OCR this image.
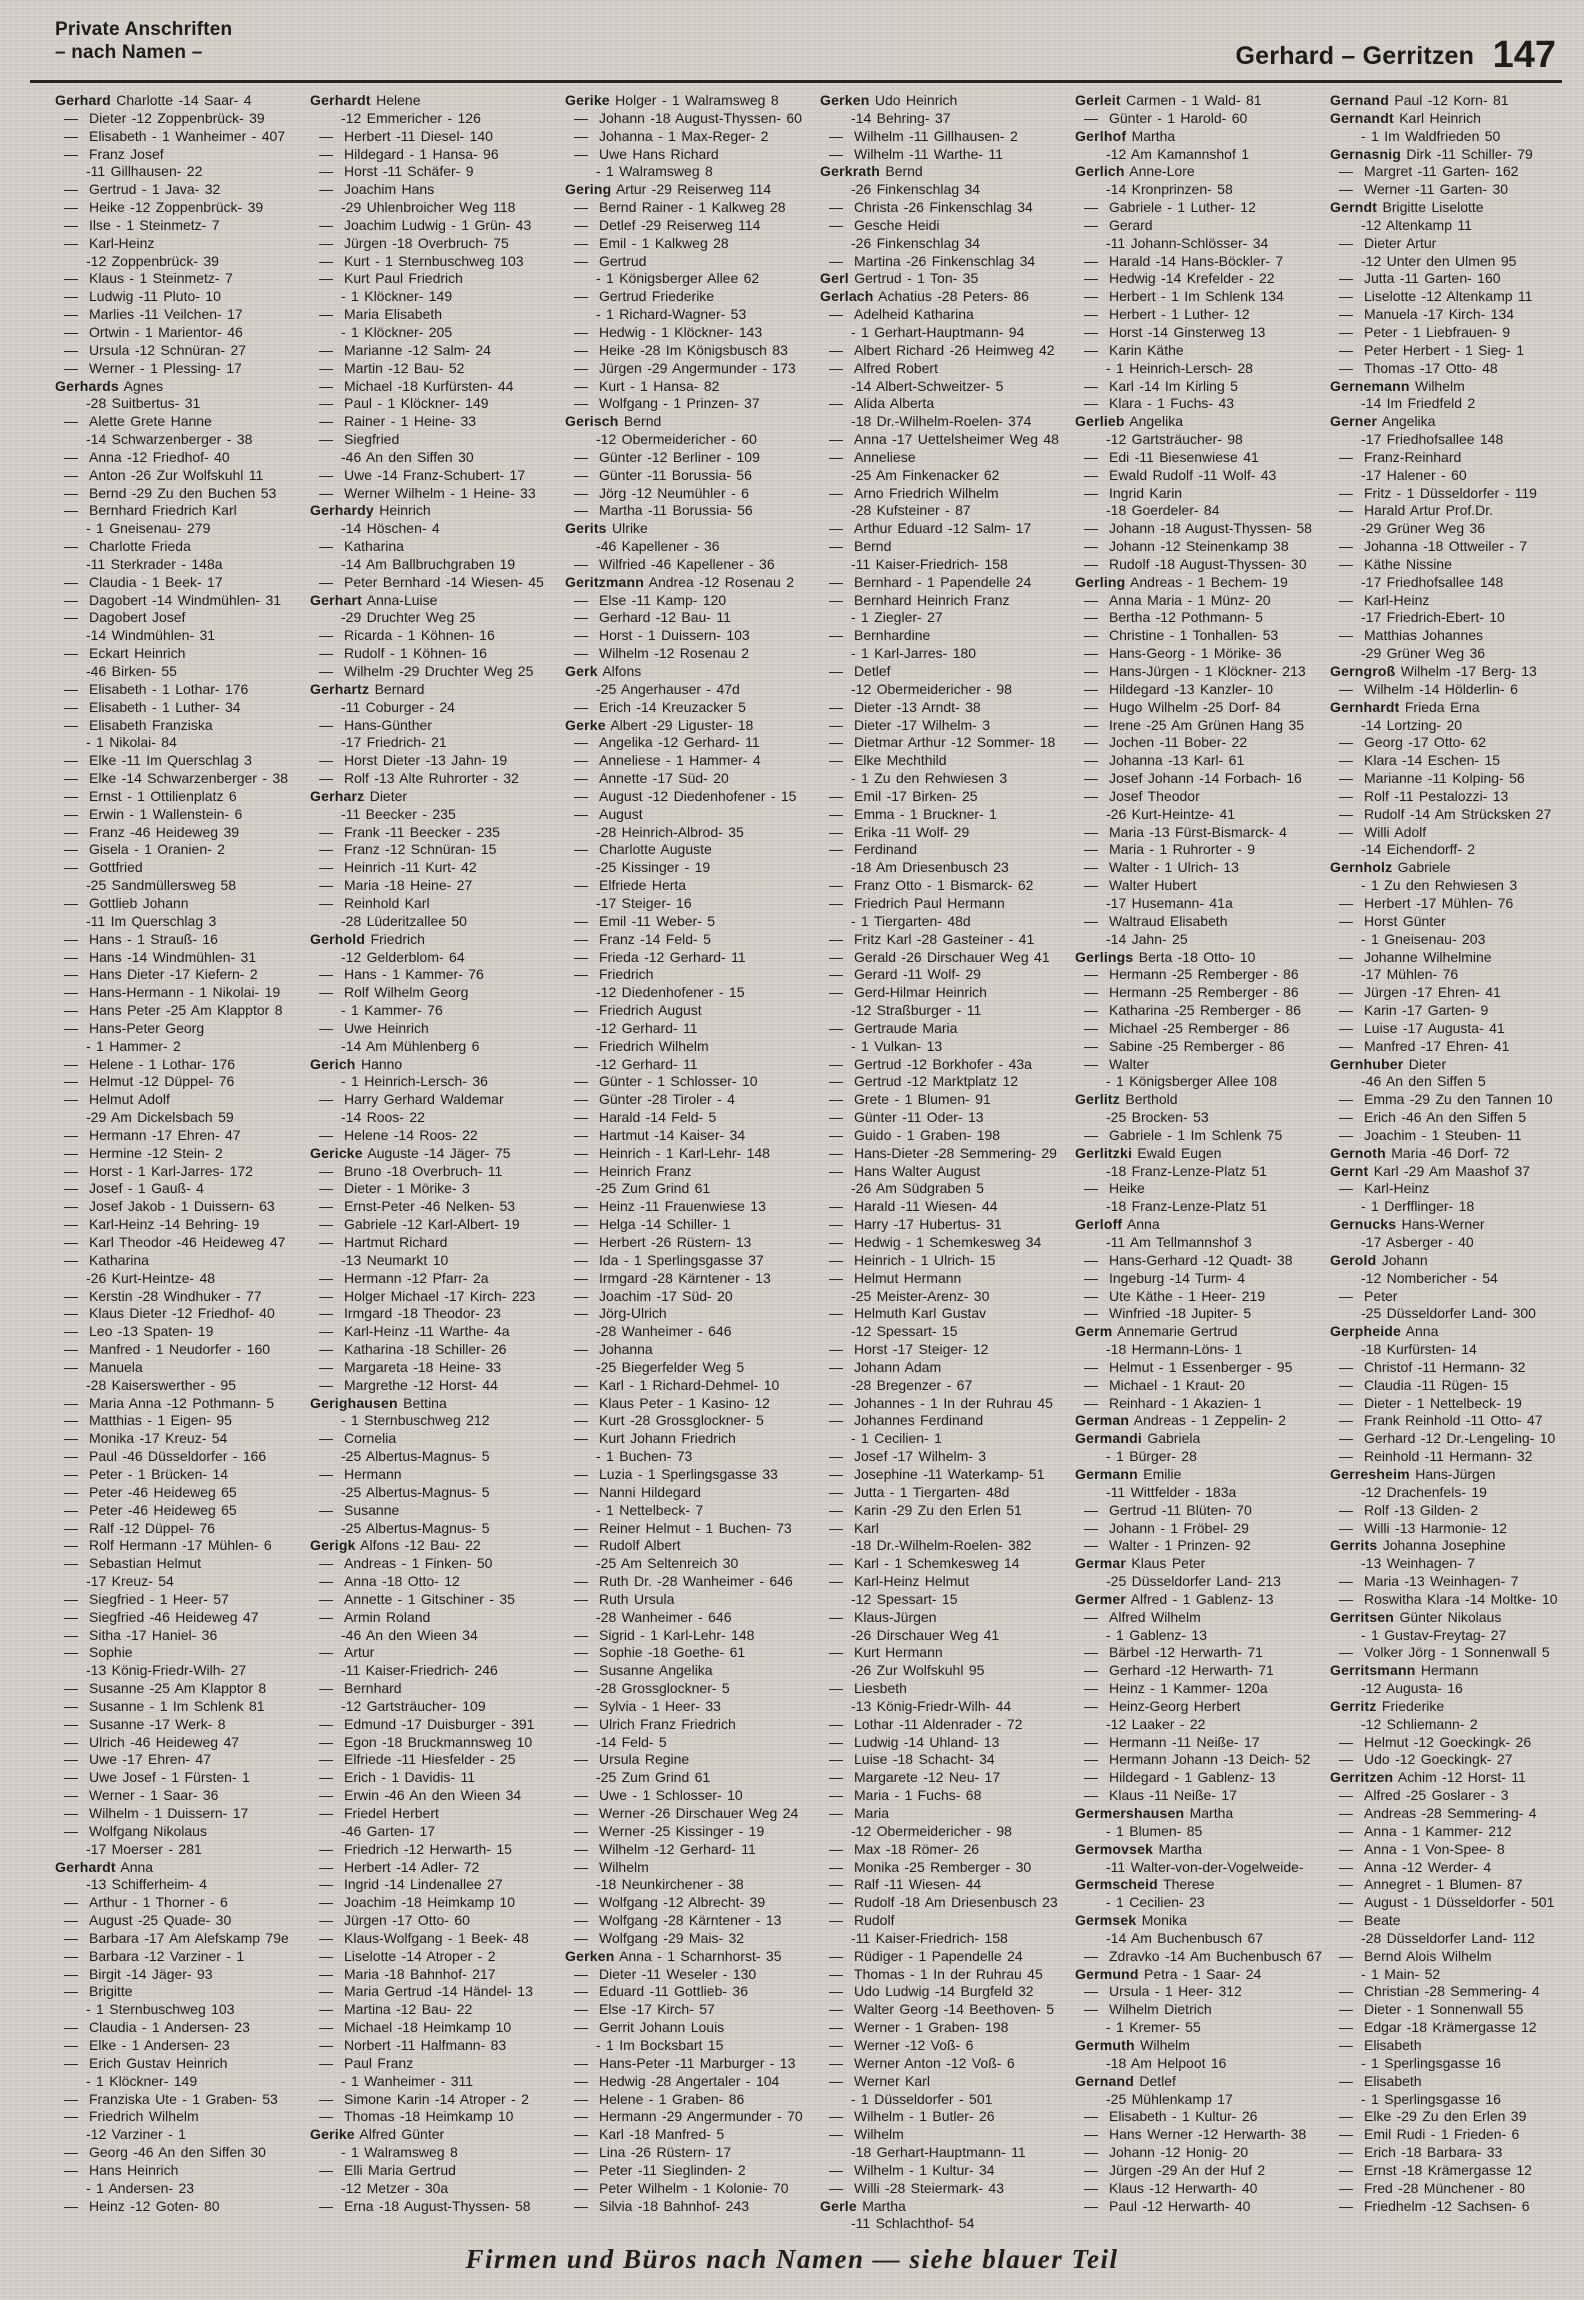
Private Anschriften
– nach Namen –	Gerhard – Gerritzen 147
Gerhard Charlotte -14 Saar- 4
— Dieter -12 Zoppenbrück- 39
— Elisabeth - 1 Wanheimer - 407
— Franz Josef
-11 Gillhausen- 22
— Gertrud - 1 Java- 32
— Heike -12 Zoppenbrück- 39
— Ilse - 1 Steinmetz- 7
— Karl-Heinz
-12 Zoppenbrück- 39
— Klaus - 1 Steinmetz- 7
— Ludwig -11 Pluto- 10
— Marlies -11 Veilchen- 17
— Ortwin - 1 Marientor- 46
— Ursula -12 Schnüran- 27
— Werner - 1 Plessing- 17
Gerhards Agnes
-28 Suitbertus- 31
— Alette Grete Hanne
-14 Schwarzenberger - 38
— Anna -12 Friedhof- 40
— Anton -26 Zur Wolfskuhl 11
— Bernd -29 Zu den Buchen 53
— Bernhard Friedrich Karl
- 1 Gneisenau- 279
— Charlotte Frieda
-11 Sterkrader - 148a
— Claudia - 1 Beek- 17
— Dagobert -14 Windmühlen- 31
— Dagobert Josef
-14 Windmühlen- 31
— Eckart Heinrich
-46 Birken- 55
— Elisabeth - 1 Lothar- 176
— Elisabeth - 1 Luther- 34
— Elisabeth Franziska
- 1 Nikolai- 84
— Elke -11 Im Querschlag 3
— Elke -14 Schwarzenberger - 38
— Ernst - 1 Ottilienplatz 6
— Erwin - 1 Wallenstein- 6
— Franz -46 Heideweg 39
— Gisela - 1 Oranien- 2
— Gottfried
-25 Sandmüllersweg 58
— Gottlieb Johann
-11 Im Querschlag 3
— Hans - 1 Strauß- 16
— Hans -14 Windmühlen- 31
— Hans Dieter -17 Kiefern- 2
— Hans-Hermann - 1 Nikolai- 19
— Hans Peter -25 Am Klapptor 8
— Hans-Peter Georg
- 1 Hammer- 2
— Helene - 1 Lothar- 176
— Helmut -12 Düppel- 76
— Helmut Adolf
-29 Am Dickelsbach 59
— Hermann -17 Ehren- 47
— Hermine -12 Stein- 2
— Horst - 1 Karl-Jarres- 172
— Josef - 1 Gauß- 4
— Josef Jakob - 1 Duissern- 63
— Karl-Heinz -14 Behring- 19
— Karl Theodor -46 Heideweg 47
— Katharina
-26 Kurt-Heintze- 48
— Kerstin -28 Windhuker - 77
— Klaus Dieter -12 Friedhof- 40
— Leo -13 Spaten- 19
— Manfred - 1 Neudorfer - 160
— Manuela
-28 Kaiserswerther - 95
— Maria Anna -12 Pothmann- 5
— Matthias - 1 Eigen- 95
— Monika -17 Kreuz- 54
— Paul -46 Düsseldorfer - 166
— Peter - 1 Brücken- 14
— Peter -46 Heideweg 65
— Peter -46 Heideweg 65
— Ralf -12 Düppel- 76
— Rolf Hermann -17 Mühlen- 6
— Sebastian Helmut
-17 Kreuz- 54
— Siegfried - 1 Heer- 57
— Siegfried -46 Heideweg 47
— Sitha -17 Haniel- 36
— Sophie
-13 König-Friedr-Wilh- 27
— Susanne -25 Am Klapptor 8
— Susanne - 1 Im Schlenk 81
— Susanne -17 Werk- 8
— Ulrich -46 Heideweg 47
— Uwe -17 Ehren- 47
— Uwe Josef - 1 Fürsten- 1
— Werner - 1 Saar- 36
— Wilhelm - 1 Duissern- 17
— Wolfgang Nikolaus
-17 Moerser - 281
Gerhardt Anna
-13 Schifferheim- 4
— Arthur - 1 Thorner - 6
— August -25 Quade- 30
— Barbara -17 Am Alefskamp 79e
— Barbara -12 Varziner - 1
— Birgit -14 Jäger- 93
— Brigitte
- 1 Sternbuschweg 103
— Claudia - 1 Andersen- 23
— Elke - 1 Andersen- 23
— Erich Gustav Heinrich
- 1 Klöckner- 149
— Franziska Ute - 1 Graben- 53
— Friedrich Wilhelm
-12 Varziner - 1
— Georg -46 An den Siffen 30
— Hans Heinrich
- 1 Andersen- 23
— Heinz -12 Goten- 80
Gerhardt Helene
-12 Emmericher - 126
— Herbert -11 Diesel- 140
— Hildegard - 1 Hansa- 96
— Horst -11 Schäfer- 9
— Joachim Hans
-29 Uhlenbroicher Weg 118
— Joachim Ludwig - 1 Grün- 43
— Jürgen -18 Overbruch- 75
— Kurt - 1 Sternbuschweg 103
— Kurt Paul Friedrich
- 1 Klöckner- 149
— Maria Elisabeth
- 1 Klöckner- 205
— Marianne -12 Salm- 24
— Martin -12 Bau- 52
— Michael -18 Kurfürsten- 44
— Paul - 1 Klöckner- 149
— Rainer - 1 Heine- 33
— Siegfried
-46 An den Siffen 30
— Uwe -14 Franz-Schubert- 17
— Werner Wilhelm - 1 Heine- 33
Gerhardy Heinrich
-14 Höschen- 4
— Katharina
-14 Am Ballbruchgraben 19
— Peter Bernhard -14 Wiesen- 45
Gerhart Anna-Luise
-29 Druchter Weg 25
— Ricarda - 1 Köhnen- 16
— Rudolf - 1 Köhnen- 16
— Wilhelm -29 Druchter Weg 25
Gerhartz Bernard
-11 Coburger - 24
— Hans-Günther
-17 Friedrich- 21
— Horst Dieter -13 Jahn- 19
— Rolf -13 Alte Ruhrorter - 32
Gerharz Dieter
-11 Beecker - 235
— Frank -11 Beecker - 235
— Franz -12 Schnüran- 15
— Heinrich -11 Kurt- 42
— Maria -18 Heine- 27
— Reinhold Karl
-28 Lüderitzallee 50
Gerhold Friedrich
-12 Gelderblom- 64
— Hans - 1 Kammer- 76
— Rolf Wilhelm Georg
- 1 Kammer- 76
— Uwe Heinrich
-14 Am Mühlenberg 6
Gerich Hanno
- 1 Heinrich-Lersch- 36
— Harry Gerhard Waldemar
-14 Roos- 22
— Helene -14 Roos- 22
Gericke Auguste -14 Jäger- 75
— Bruno -18 Overbruch- 11
— Dieter - 1 Mörike- 3
— Ernst-Peter -46 Nelken- 53
— Gabriele -12 Karl-Albert- 19
— Hartmut Richard
-13 Neumarkt 10
— Hermann -12 Pfarr- 2a
— Holger Michael -17 Kirch- 223
— Irmgard -18 Theodor- 23
— Karl-Heinz -11 Warthe- 4a
— Katharina -18 Schiller- 26
— Margareta -18 Heine- 33
— Margrethe -12 Horst- 44
Gerighausen Bettina
- 1 Sternbuschweg 212
— Cornelia
-25 Albertus-Magnus- 5
— Hermann
-25 Albertus-Magnus- 5
— Susanne
-25 Albertus-Magnus- 5
Gerigk Alfons -12 Bau- 22
— Andreas - 1 Finken- 50
— Anna -18 Otto- 12
— Annette - 1 Gitschiner - 35
— Armin Roland
-46 An den Wieen 34
— Artur
-11 Kaiser-Friedrich- 246
— Bernhard
-12 Gartsträucher- 109
— Edmund -17 Duisburger - 391
— Egon -18 Bruckmannsweg 10
— Elfriede -11 Hiesfelder - 25
— Erich - 1 Davidis- 11
— Erwin -46 An den Wieen 34
— Friedel Herbert
-46 Garten- 17
— Friedrich -12 Herwarth- 15
— Herbert -14 Adler- 72
— Ingrid -14 Lindenallee 27
— Joachim -18 Heimkamp 10
— Jürgen -17 Otto- 60
— Klaus-Wolfgang - 1 Beek- 48
— Liselotte -14 Atroper - 2
— Maria -18 Bahnhof- 217
— Maria Gertrud -14 Händel- 13
— Martina -12 Bau- 22
— Michael -18 Heimkamp 10
— Norbert -11 Halfmann- 83
— Paul Franz
- 1 Wanheimer - 311
— Simone Karin -14 Atroper - 2
— Thomas -18 Heimkamp 10
Gerike Alfred Günter
- 1 Walramsweg 8
— Elli Maria Gertrud
-12 Metzer - 30a
— Erna -18 August-Thyssen- 58
Gerike Holger - 1 Walramsweg 8
— Johann -18 August-Thyssen- 60
— Johanna - 1 Max-Reger- 2
— Uwe Hans Richard
- 1 Walramsweg 8
Gering Artur -29 Reiserweg 114
— Bernd Rainer - 1 Kalkweg 28
— Detlef -29 Reiserweg 114
— Emil - 1 Kalkweg 28
— Gertrud
- 1 Königsberger Allee 62
— Gertrud Friederike
- 1 Richard-Wagner- 53
— Hedwig - 1 Klöckner- 143
— Heike -28 Im Königsbusch 83
— Jürgen -29 Angermunder - 173
— Kurt - 1 Hansa- 82
— Wolfgang - 1 Prinzen- 37
Gerisch Bernd
-12 Obermeidericher - 60
— Günter -12 Berliner - 109
— Günter -11 Borussia- 56
— Jörg -12 Neumühler - 6
— Martha -11 Borussia- 56
Gerits Ulrike
-46 Kapellener - 36
— Wilfried -46 Kapellener - 36
Geritzmann Andrea -12 Rosenau 2
— Else -11 Kamp- 120
— Gerhard -12 Bau- 11
— Horst - 1 Duissern- 103
— Wilhelm -12 Rosenau 2
Gerk Alfons
-25 Angerhauser - 47d
— Erich -14 Kreuzacker 5
Gerke Albert -29 Liguster- 18
— Angelika -12 Gerhard- 11
— Anneliese - 1 Hammer- 4
— Annette -17 Süd- 20
— August -12 Diedenhofener - 15
— August
-28 Heinrich-Albrod- 35
— Charlotte Auguste
-25 Kissinger - 19
— Elfriede Herta
-17 Steiger- 16
— Emil -11 Weber- 5
— Franz -14 Feld- 5
— Frieda -12 Gerhard- 11
— Friedrich
-12 Diedenhofener - 15
— Friedrich August
-12 Gerhard- 11
— Friedrich Wilhelm
-12 Gerhard- 11
— Günter - 1 Schlosser- 10
— Günter -28 Tiroler - 4
— Harald -14 Feld- 5
— Hartmut -14 Kaiser- 34
— Heinrich - 1 Karl-Lehr- 148
— Heinrich Franz
-25 Zum Grind 61
— Heinz -11 Frauenwiese 13
— Helga -14 Schiller- 1
— Herbert -26 Rüstern- 13
— Ida - 1 Sperlingsgasse 37
— Irmgard -28 Kärntener - 13
— Joachim -17 Süd- 20
— Jörg-Ulrich
-28 Wanheimer - 646
— Johanna
-25 Biegerfelder Weg 5
— Karl - 1 Richard-Dehmel- 10
— Klaus Peter - 1 Kasino- 12
— Kurt -28 Grossglockner- 5
— Kurt Johann Friedrich
- 1 Buchen- 73
— Luzia - 1 Sperlingsgasse 33
— Nanni Hildegard
- 1 Nettelbeck- 7
— Reiner Helmut - 1 Buchen- 73
— Rudolf Albert
-25 Am Seltenreich 30
— Ruth Dr. -28 Wanheimer - 646
— Ruth Ursula
-28 Wanheimer - 646
— Sigrid - 1 Karl-Lehr- 148
— Sophie -18 Goethe- 61
— Susanne Angelika
-28 Grossglockner- 5
— Sylvia - 1 Heer- 33
— Ulrich Franz Friedrich
-14 Feld- 5
— Ursula Regine
-25 Zum Grind 61
— Uwe - 1 Schlosser- 10
— Werner -26 Dirschauer Weg 24
— Werner -25 Kissinger - 19
— Wilhelm -12 Gerhard- 11
— Wilhelm
-18 Neunkirchener - 38
— Wolfgang -12 Albrecht- 39
— Wolfgang -28 Kärntener - 13
— Wolfgang -29 Mais- 32
Gerken Anna - 1 Scharnhorst- 35
— Dieter -11 Weseler - 130
— Eduard -11 Gottlieb- 36
— Else -17 Kirch- 57
— Gerrit Johann Louis
- 1 Im Bocksbart 15
— Hans-Peter -11 Marburger - 13
— Hedwig -28 Angertaler - 104
— Helene - 1 Graben- 86
— Hermann -29 Angermunder - 70
— Karl -18 Manfred- 5
— Lina -26 Rüstern- 17
— Peter -11 Sieglinden- 2
— Peter Wilhelm - 1 Kolonie- 70
— Silvia -18 Bahnhof- 243
Gerken Udo Heinrich
-14 Behring- 37
— Wilhelm -11 Gillhausen- 2
— Wilhelm -11 Warthe- 11
Gerkrath Bernd
-26 Finkenschlag 34
— Christa -26 Finkenschlag 34
— Gesche Heidi
-26 Finkenschlag 34
— Martina -26 Finkenschlag 34
Gerl Gertrud - 1 Ton- 35
Gerlach Achatius -28 Peters- 86
— Adelheid Katharina
- 1 Gerhart-Hauptmann- 94
— Albert Richard -26 Heimweg 42
— Alfred Robert
-14 Albert-Schweitzer- 5
— Alida Alberta
-18 Dr.-Wilhelm-Roelen- 374
— Anna -17 Uettelsheimer Weg 48
— Anneliese
-25 Am Finkenacker 62
— Arno Friedrich Wilhelm
-28 Kufsteiner - 87
— Arthur Eduard -12 Salm- 17
— Bernd
-11 Kaiser-Friedrich- 158
— Bernhard - 1 Papendelle 24
— Bernhard Heinrich Franz
- 1 Ziegler- 27
— Bernhardine
- 1 Karl-Jarres- 180
— Detlef
-12 Obermeidericher - 98
— Dieter -13 Arndt- 38
— Dieter -17 Wilhelm- 3
— Dietmar Arthur -12 Sommer- 18
— Elke Mechthild
- 1 Zu den Rehwiesen 3
— Emil -17 Birken- 25
— Emma - 1 Bruckner- 1
— Erika -11 Wolf- 29
— Ferdinand
-18 Am Driesenbusch 23
— Franz Otto - 1 Bismarck- 62
— Friedrich Paul Hermann
- 1 Tiergarten- 48d
— Fritz Karl -28 Gasteiner - 41
— Gerald -26 Dirschauer Weg 41
— Gerard -11 Wolf- 29
— Gerd-Hilmar Heinrich
-12 Straßburger - 11
— Gertraude Maria
- 1 Vulkan- 13
— Gertrud -12 Borkhofer - 43a
— Gertrud -12 Marktplatz 12
— Grete - 1 Blumen- 91
— Günter -11 Oder- 13
— Guido - 1 Graben- 198
— Hans-Dieter -28 Semmering- 29
— Hans Walter August
-26 Am Südgraben 5
— Harald -11 Wiesen- 44
— Harry -17 Hubertus- 31
— Hedwig - 1 Schemkesweg 34
— Heinrich - 1 Ulrich- 15
— Helmut Hermann
-25 Meister-Arenz- 30
— Helmuth Karl Gustav
-12 Spessart- 15
— Horst -17 Steiger- 12
— Johann Adam
-28 Bregenzer - 67
— Johannes - 1 In der Ruhrau 45
— Johannes Ferdinand
- 1 Cecilien- 1
— Josef -17 Wilhelm- 3
— Josephine -11 Waterkamp- 51
— Jutta - 1 Tiergarten- 48d
— Karin -29 Zu den Erlen 51
— Karl
-18 Dr.-Wilhelm-Roelen- 382
— Karl - 1 Schemkesweg 14
— Karl-Heinz Helmut
-12 Spessart- 15
— Klaus-Jürgen
-26 Dirschauer Weg 41
— Kurt Hermann
-26 Zur Wolfskuhl 95
— Liesbeth
-13 König-Friedr-Wilh- 44
— Lothar -11 Aldenrader - 72
— Ludwig -14 Uhland- 13
— Luise -18 Schacht- 34
— Margarete -12 Neu- 17
— Maria - 1 Fuchs- 68
— Maria
-12 Obermeidericher - 98
— Max -18 Römer- 26
— Monika -25 Remberger - 30
— Ralf -11 Wiesen- 44
— Rudolf -18 Am Driesenbusch 23
— Rudolf
-11 Kaiser-Friedrich- 158
— Rüdiger - 1 Papendelle 24
— Thomas - 1 In der Ruhrau 45
— Udo Ludwig -14 Burgfeld 32
— Walter Georg -14 Beethoven- 5
— Werner - 1 Graben- 198
— Werner -12 Voß- 6
— Werner Anton -12 Voß- 6
— Werner Karl
- 1 Düsseldorfer - 501
— Wilhelm - 1 Butler- 26
— Wilhelm
-18 Gerhart-Hauptmann- 11
— Wilhelm - 1 Kultur- 34
— Willi -28 Steiermark- 43
Gerle Martha
-11 Schlachthof- 54
Gerleit Carmen - 1 Wald- 81
— Günter - 1 Harold- 60
Gerlhof Martha
-12 Am Kamannshof 1
Gerlich Anne-Lore
-14 Kronprinzen- 58
— Gabriele - 1 Luther- 12
— Gerard
-11 Johann-Schlösser- 34
— Harald -14 Hans-Böckler- 7
— Hedwig -14 Krefelder - 22
— Herbert - 1 Im Schlenk 134
— Herbert - 1 Luther- 12
— Horst -14 Ginsterweg 13
— Karin Käthe
- 1 Heinrich-Lersch- 28
— Karl -14 Im Kirling 5
— Klara - 1 Fuchs- 43
Gerlieb Angelika
-12 Gartsträucher- 98
— Edi -11 Biesenwiese 41
— Ewald Rudolf -11 Wolf- 43
— Ingrid Karin
-18 Goerdeler- 84
— Johann -18 August-Thyssen- 58
— Johann -12 Steinenkamp 38
— Rudolf -18 August-Thyssen- 30
Gerling Andreas - 1 Bechem- 19
— Anna Maria - 1 Münz- 20
— Bertha -12 Pothmann- 5
— Christine - 1 Tonhallen- 53
— Hans-Georg - 1 Mörike- 36
— Hans-Jürgen - 1 Klöckner- 213
— Hildegard -13 Kanzler- 10
— Hugo Wilhelm -25 Dorf- 84
— Irene -25 Am Grünen Hang 35
— Jochen -11 Bober- 22
— Johanna -13 Karl- 61
— Josef Johann -14 Forbach- 16
— Josef Theodor
-26 Kurt-Heintze- 41
— Maria -13 Fürst-Bismarck- 4
— Maria - 1 Ruhrorter - 9
— Walter - 1 Ulrich- 13
— Walter Hubert
-17 Husemann- 41a
— Waltraud Elisabeth
-14 Jahn- 25
Gerlings Berta -18 Otto- 10
— Hermann -25 Remberger - 86
— Hermann -25 Remberger - 86
— Katharina -25 Remberger - 86
— Michael -25 Remberger - 86
— Sabine -25 Remberger - 86
— Walter
- 1 Königsberger Allee 108
Gerlitz Berthold
-25 Brocken- 53
— Gabriele - 1 Im Schlenk 75
Gerlitzki Ewald Eugen
-18 Franz-Lenze-Platz 51
— Heike
-18 Franz-Lenze-Platz 51
Gerloff Anna
-11 Am Tellmannshof 3
— Hans-Gerhard -12 Quadt- 38
— Ingeburg -14 Turm- 4
— Ute Käthe - 1 Heer- 219
— Winfried -18 Jupiter- 5
Germ Annemarie Gertrud
-18 Hermann-Löns- 1
— Helmut - 1 Essenberger - 95
— Michael - 1 Kraut- 20
— Reinhard - 1 Akazien- 1
German Andreas - 1 Zeppelin- 2
Germandi Gabriela
- 1 Bürger- 28
Germann Emilie
-11 Wittfelder - 183a
— Gertrud -11 Blüten- 70
— Johann - 1 Fröbel- 29
— Walter - 1 Prinzen- 92
Germar Klaus Peter
-25 Düsseldorfer Land- 213
Germer Alfred - 1 Gablenz- 13
— Alfred Wilhelm
- 1 Gablenz- 13
— Bärbel -12 Herwarth- 71
— Gerhard -12 Herwarth- 71
— Heinz - 1 Kammer- 120a
— Heinz-Georg Herbert
-12 Laaker - 22
— Hermann -11 Neiße- 17
— Hermann Johann -13 Deich- 52
— Hildegard - 1 Gablenz- 13
— Klaus -11 Neiße- 17
Germershausen Martha
- 1 Blumen- 85
Germovsek Martha
-11 Walter-von-der-Vogelweide-
Germscheid Therese
- 1 Cecilien- 23
Germsek Monika
-14 Am Buchenbusch 67
— Zdravko -14 Am Buchenbusch 67
Germund Petra - 1 Saar- 24
— Ursula - 1 Heer- 312
— Wilhelm Dietrich
- 1 Kremer- 55
Germuth Wilhelm
-18 Am Helpoot 16
Gernand Detlef
-25 Mühlenkamp 17
— Elisabeth - 1 Kultur- 26
— Hans Werner -12 Herwarth- 38
— Johann -12 Honig- 20
— Jürgen -29 An der Huf 2
— Klaus -12 Herwarth- 40
— Paul -12 Herwarth- 40
Gernand Paul -12 Korn- 81
Gernandt Karl Heinrich
- 1 Im Waldfrieden 50
Gernasnig Dirk -11 Schiller- 79
— Margret -11 Garten- 162
— Werner -11 Garten- 30
Gerndt Brigitte Liselotte
-12 Altenkamp 11
— Dieter Artur
-12 Unter den Ulmen 95
— Jutta -11 Garten- 160
— Liselotte -12 Altenkamp 11
— Manuela -17 Kirch- 134
— Peter - 1 Liebfrauen- 9
— Peter Herbert - 1 Sieg- 1
— Thomas -17 Otto- 48
Gernemann Wilhelm
-14 Im Friedfeld 2
Gerner Angelika
-17 Friedhofsallee 148
— Franz-Reinhard
-17 Halener - 60
— Fritz - 1 Düsseldorfer - 119
— Harald Artur Prof.Dr.
-29 Grüner Weg 36
— Johanna -18 Ottweiler - 7
— Käthe Nissine
-17 Friedhofsallee 148
— Karl-Heinz
-17 Friedrich-Ebert- 10
— Matthias Johannes
-29 Grüner Weg 36
Gerngroß Wilhelm -17 Berg- 13
— Wilhelm -14 Hölderlin- 6
Gernhardt Frieda Erna
-14 Lortzing- 20
— Georg -17 Otto- 62
— Klara -14 Eschen- 15
— Marianne -11 Kolping- 56
— Rolf -11 Pestalozzi- 13
— Rudolf -14 Am Strücksken 27
— Willi Adolf
-14 Eichendorff- 2
Gernholz Gabriele
- 1 Zu den Rehwiesen 3
— Herbert -17 Mühlen- 76
— Horst Günter
- 1 Gneisenau- 203
— Johanne Wilhelmine
-17 Mühlen- 76
— Jürgen -17 Ehren- 41
— Karin -17 Garten- 9
— Luise -17 Augusta- 41
— Manfred -17 Ehren- 41
Gernhuber Dieter
-46 An den Siffen 5
— Emma -29 Zu den Tannen 10
— Erich -46 An den Siffen 5
— Joachim - 1 Steuben- 11
Gernoth Maria -46 Dorf- 72
Gernt Karl -29 Am Maashof 37
— Karl-Heinz
- 1 Derfflinger- 18
Gernucks Hans-Werner
-17 Asberger - 40
Gerold Johann
-12 Nombericher - 54
— Peter
-25 Düsseldorfer Land- 300
Gerpheide Anna
-18 Kurfürsten- 14
— Christof -11 Hermann- 32
— Claudia -11 Rügen- 15
— Dieter - 1 Nettelbeck- 19
— Frank Reinhold -11 Otto- 47
— Gerhard -12 Dr.-Lengeling- 10
— Reinhold -11 Hermann- 32
Gerresheim Hans-Jürgen
-12 Drachenfels- 19
— Rolf -13 Gilden- 2
— Willi -13 Harmonie- 12
Gerrits Johanna Josephine
-13 Weinhagen- 7
— Maria -13 Weinhagen- 7
— Roswitha Klara -14 Moltke- 10
Gerritsen Günter Nikolaus
- 1 Gustav-Freytag- 27
— Volker Jörg - 1 Sonnenwall 5
Gerritsmann Hermann
-12 Augusta- 16
Gerritz Friederike
-12 Schliemann- 2
— Helmut -12 Goeckingk- 26
— Udo -12 Goeckingk- 27
Gerritzen Achim -12 Horst- 11
— Alfred -25 Goslarer - 3
— Andreas -28 Semmering- 4
— Anna - 1 Kammer- 212
— Anna - 1 Von-Spee- 8
— Anna -12 Werder- 4
— Annegret - 1 Blumen- 87
— August - 1 Düsseldorfer - 501
— Beate
-28 Düsseldorfer Land- 112
— Bernd Alois Wilhelm
- 1 Main- 52
— Christian -28 Semmering- 4
— Dieter - 1 Sonnenwall 55
— Edgar -18 Krämergasse 12
— Elisabeth
- 1 Sperlingsgasse 16
— Elisabeth
- 1 Sperlingsgasse 16
— Elke -29 Zu den Erlen 39
— Emil Rudi - 1 Frieden- 6
— Erich -18 Barbara- 33
— Ernst -18 Krämergasse 12
— Fred -28 Münchener - 80
— Friedhelm -12 Sachsen- 6
Firmen und Büros nach Namen — siehe blauer Teil
